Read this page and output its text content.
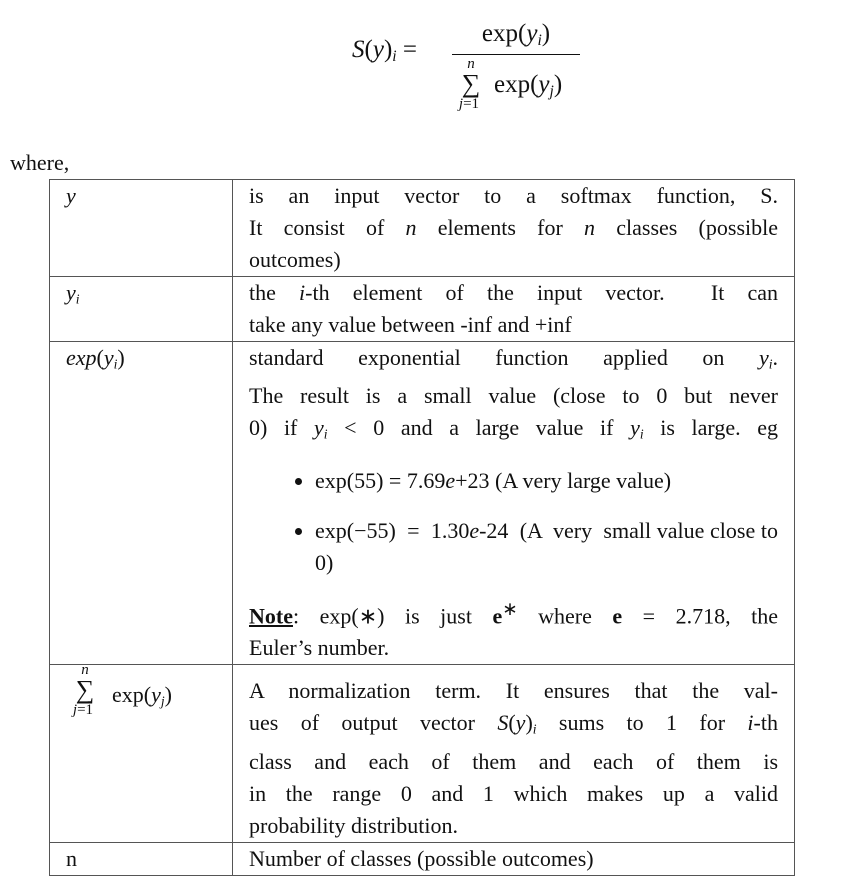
$S(y)_i$ =
$\exp(y_i)$
n
∑
j=1
$\exp(y_j)$
where,
y	is an input vector to a softmax function, S.
It consist of n elements for n classes (possible
outcomes)

$y_i$	the i-th element of the input vector.  It can
take any value between -inf and +inf

$\exp(y_i)$	standard exponential function applied on $y_i$.
The result is a small value (close to 0 but never
0) if $y_i < 0$ and a large value if $y_i$ is large. eg
• exp(55) = 7.69e+23 (A very large value)
• exp(−55)  =  1.30e-24  (A  very  small value close to 0)
Note: exp(∗) is just e∗ where e = 2.718, the
Euler’s number.

n
∑
j=1
$\exp(y_j)$	A normalization term. It ensures that the val-
ues of output vector $S(y)_i$ sums to 1 for i-th
class and each of them and each of them is
in the range 0 and 1 which makes up a valid
probability distribution.

n	Number of classes (possible outcomes)
